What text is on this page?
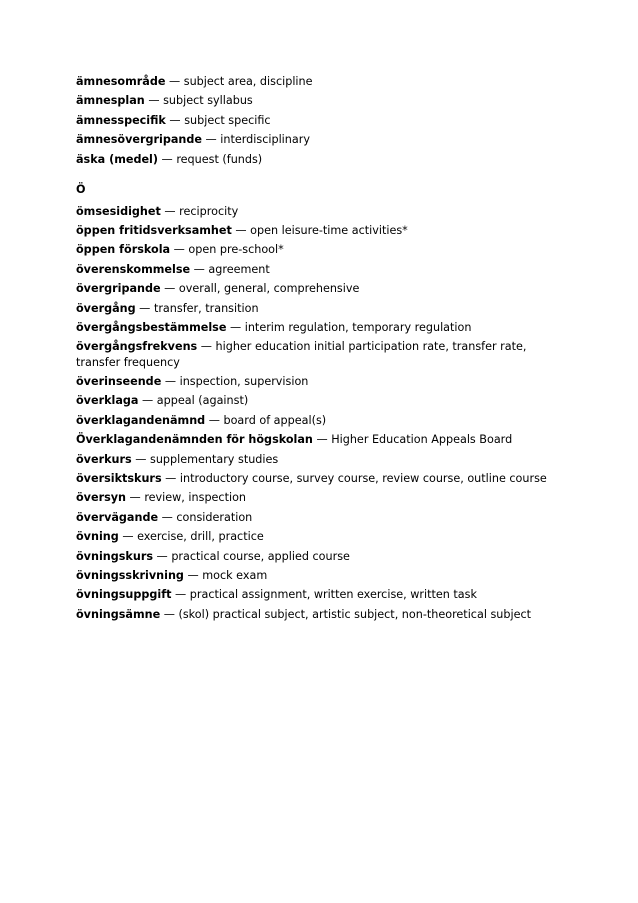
ämnesområde — subject area, discipline
ämnesplan — subject syllabus
ämnesspecifik — subject specific
ämnesövergripande — interdisciplinary
äska (medel) — request (funds)
Ö
ömsesidighet — reciprocity
öppen fritidsverksamhet — open leisure-time activities*
öppen förskola — open pre-school*
överenskommelse — agreement
övergripande — overall, general, comprehensive
övergång — transfer, transition
övergångsbestämmelse — interim regulation, temporary regulation
övergångsfrekvens — higher education initial participation rate, transfer rate, transfer frequency
överinseende — inspection, supervision
överklaga — appeal (against)
överklagandenämnd — board of appeal(s)
Överklagandenämnden för högskolan — Higher Education Appeals Board
överkurs — supplementary studies
översiktskurs — introductory course, survey course, review course, outline course
översyn — review, inspection
övervägande — consideration
övning — exercise, drill, practice
övningskurs — practical course, applied course
övningsskrivning — mock exam
övningsuppgift — practical assignment, written exercise, written task
övningsämne — (skol) practical subject, artistic subject, non-theoretical subject
